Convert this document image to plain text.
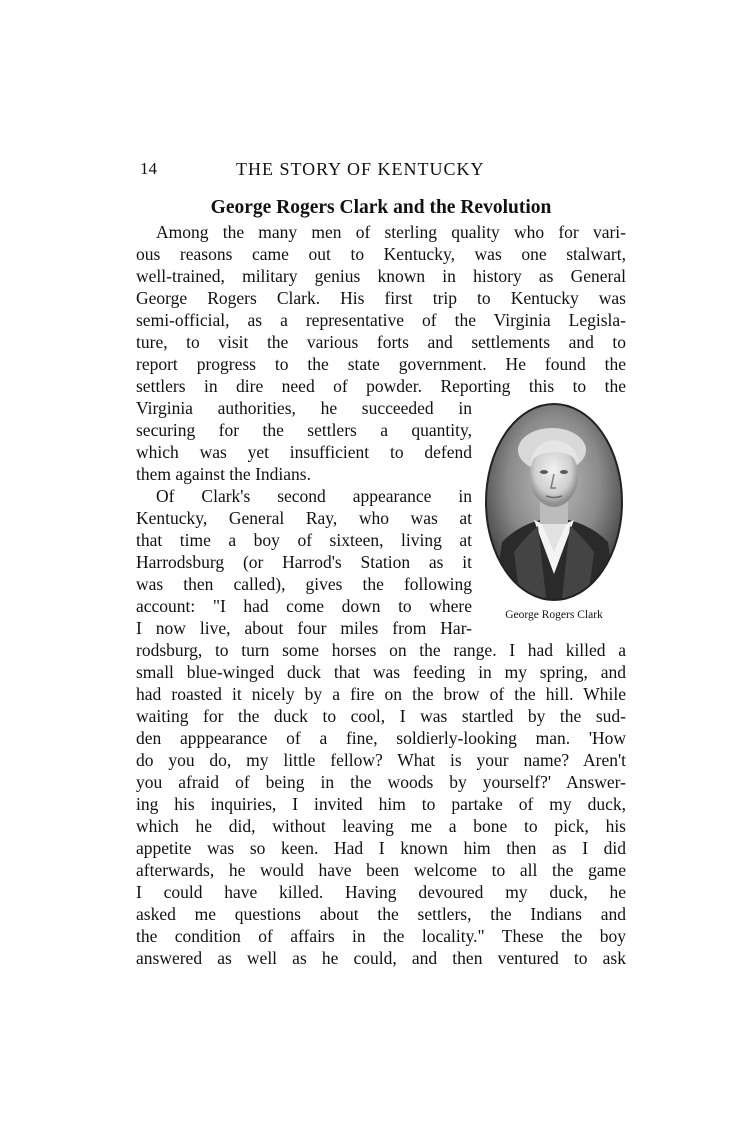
14	THE STORY OF KENTUCKY
George Rogers Clark and the Revolution
Among the many men of sterling quality who for vari-
ous reasons came out to Kentucky, was one stalwart,
well-trained, military genius known in history as General
George Rogers Clark. His first trip to Kentucky was
semi-official, as a representative of the Virginia Legisla-
ture, to visit the various forts and settlements and to
report progress to the state government. He found the
settlers in dire need of powder. Reporting this to the
Virginia authorities, he succeeded in
securing for the settlers a quantity,
which was yet insufficient to defend
them against the Indians.
Of Clark's second appearance in
Kentucky, General Ray, who was at
that time a boy of sixteen, living at
Harrodsburg (or Harrod's Station as it
was then called), gives the following
account: "I had come down to where
I now live, about four miles from Har-
rodsburg, to turn some horses on the range. I had killed a
small blue-winged duck that was feeding in my spring, and
had roasted it nicely by a fire on the brow of the hill. While
waiting for the duck to cool, I was startled by the sud-
den apppearance of a fine, soldierly-looking man. 'How
do you do, my little fellow? What is your name? Aren't
you afraid of being in the woods by yourself?' Answer-
ing his inquiries, I invited him to partake of my duck,
which he did, without leaving me a bone to pick, his
appetite was so keen. Had I known him then as I did
afterwards, he would have been welcome to all the game
I could have killed. Having devoured my duck, he
asked me questions about the settlers, the Indians and
the condition of affairs in the locality." These the boy
answered as well as he could, and then ventured to ask
George Rogers Clark
